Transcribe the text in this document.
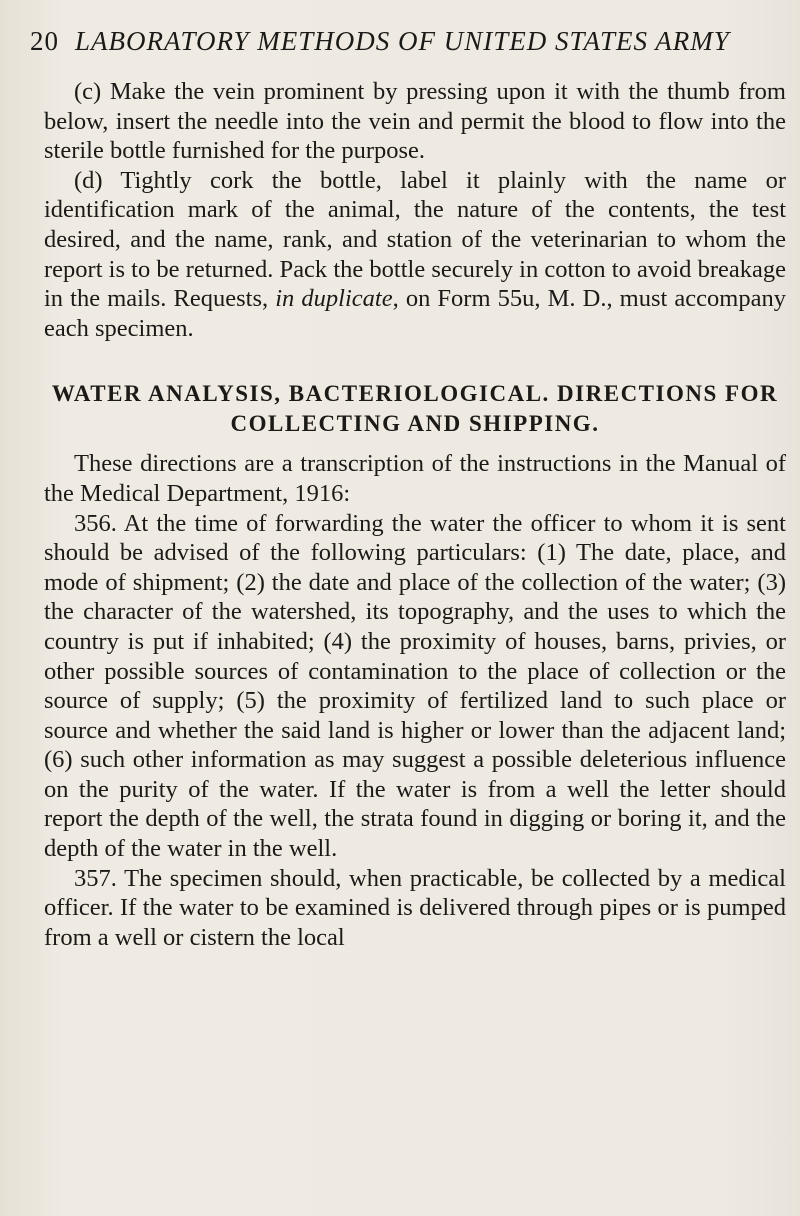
20 LABORATORY METHODS OF UNITED STATES ARMY

(c) Make the vein prominent by pressing upon it with the thumb from below, insert the needle into the vein and permit the blood to flow into the sterile bottle furnished for the purpose.

(d) Tightly cork the bottle, label it plainly with the name or identification mark of the animal, the nature of the contents, the test desired, and the name, rank, and station of the veterinarian to whom the report is to be returned. Pack the bottle securely in cotton to avoid breakage in the mails. Requests, in duplicate, on Form 55u, M. D., must accompany each specimen.

WATER ANALYSIS, BACTERIOLOGICAL. DIRECTIONS FOR
COLLECTING AND SHIPPING.

These directions are a transcription of the instructions in the Manual of the Medical Department, 1916:

356. At the time of forwarding the water the officer to whom it is sent should be advised of the following particulars: (1) The date, place, and mode of shipment; (2) the date and place of the collection of the water; (3) the character of the watershed, its topography, and the uses to which the country is put if inhabited; (4) the proximity of houses, barns, privies, or other possible sources of contamination to the place of collection or the source of supply; (5) the proximity of fertilized land to such place or source and whether the said land is higher or lower than the adjacent land; (6) such other information as may suggest a possible deleterious influence on the purity of the water. If the water is from a well the letter should report the depth of the well, the strata found in digging or boring it, and the depth of the water in the well.

357. The specimen should, when practicable, be collected by a medical officer. If the water to be examined is delivered through pipes or is pumped from a well or cistern the local
